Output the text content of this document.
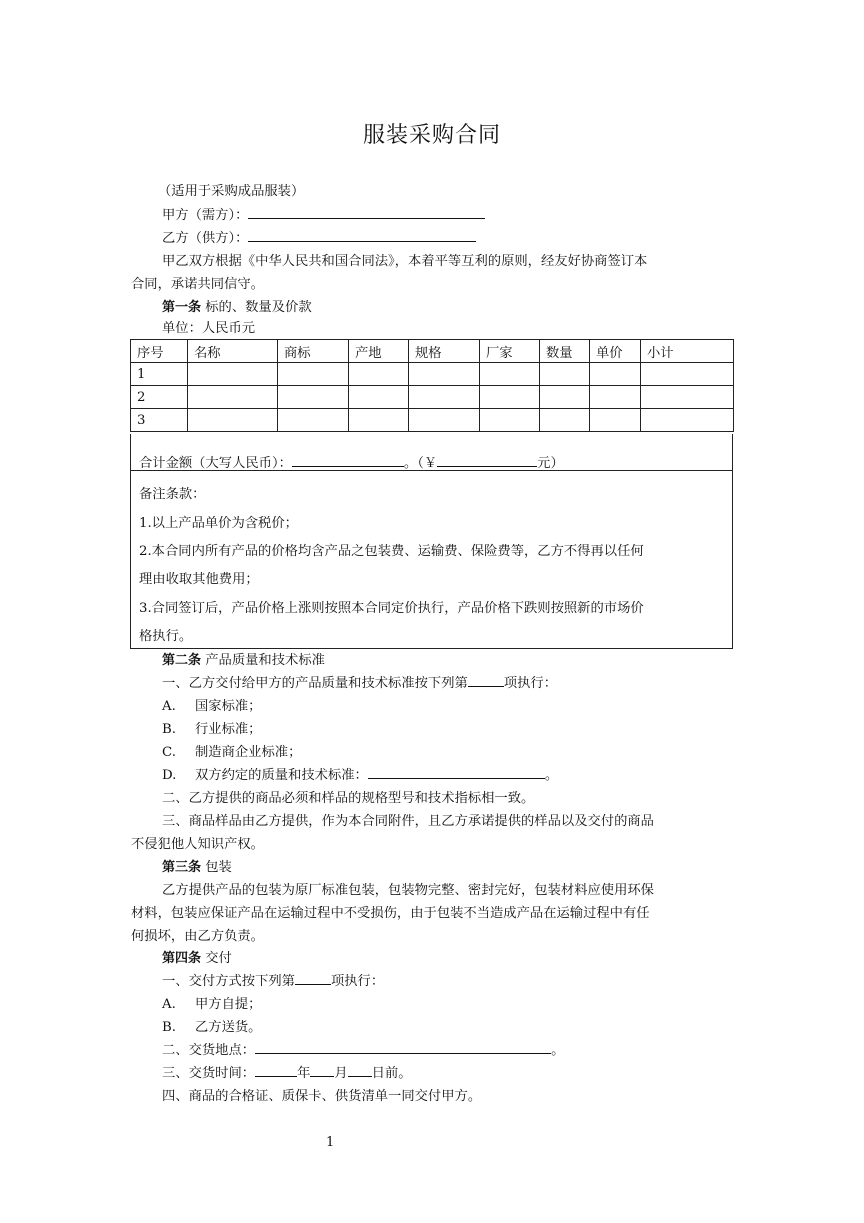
服装采购合同
（适用于采购成品服装）
甲方（需方）：
乙方（供方）：
甲乙双方根据《中华人民共和国合同法》，本着平等互利的原则，经友好协商签订本
合同，承诺共同信守。
第一条 标的、数量及价款
单位：人民币元
序号	名称	商标	产地	规格	厂家	数量	单价	小计
1								
2								
3								
合计金额（大写人民币）：	。（￥	元）
备注条款：
1.以上产品单价为含税价；
2.本合同内所有产品的价格均含产品之包装费、运输费、保险费等，乙方不得再以任何
理由收取其他费用；
3.合同签订后，产品价格上涨则按照本合同定价执行，产品价格下跌则按照新的市场价
格执行。
第二条 产品质量和技术标准
一、乙方交付给甲方的产品质量和技术标准按下列第	项执行：
A. 国家标准；
B. 行业标准；
C. 制造商企业标准；
D. 双方约定的质量和技术标准：	。
二、乙方提供的商品必须和样品的规格型号和技术指标相一致。
三、商品样品由乙方提供，作为本合同附件，且乙方承诺提供的样品以及交付的商品
不侵犯他人知识产权。
第三条 包装
乙方提供产品的包装为原厂标准包装，包装物完整、密封完好，包装材料应使用环保
材料，包装应保证产品在运输过程中不受损伤，由于包装不当造成产品在运输过程中有任
何损坏，由乙方负责。
第四条 交付
一、交付方式按下列第	项执行：
A. 甲方自提；
B. 乙方送货。
二、交货地点：	。
三、交货时间：	年 月 日前。
四、商品的合格证、质保卡、供货清单一同交付甲方。
1
